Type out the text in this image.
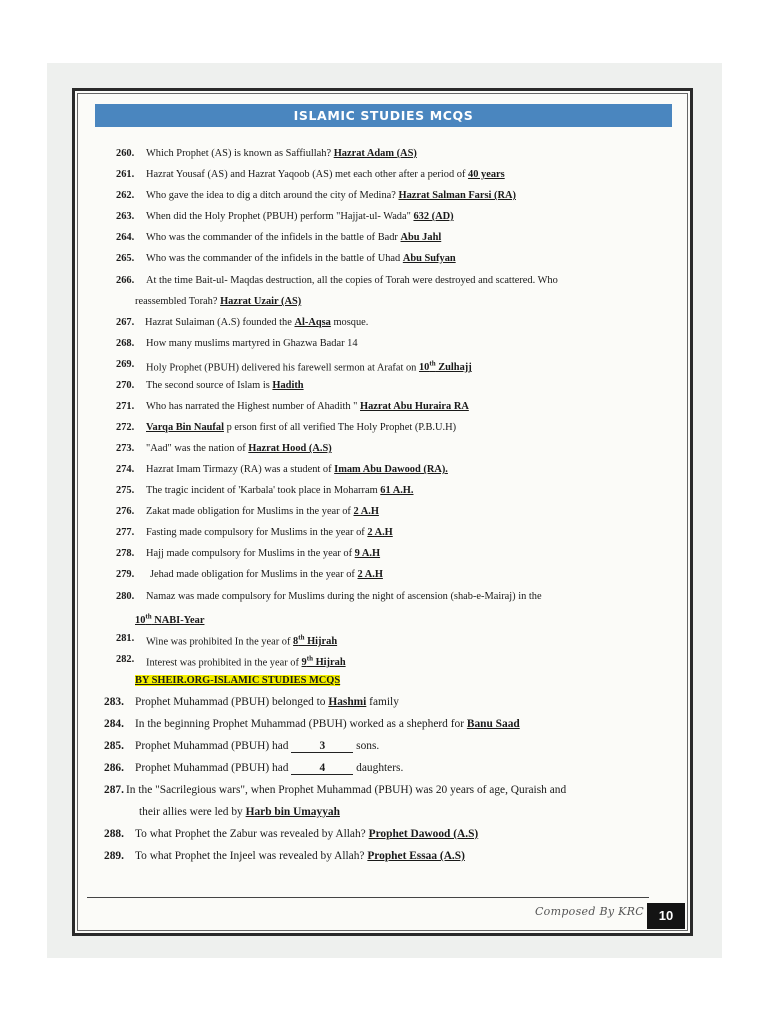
ISLAMIC STUDIES MCQS
260. Which Prophet (AS) is known as Saffiullah? Hazrat Adam (AS)
261. Hazrat Yousaf (AS) and Hazrat Yaqoob (AS) met each other after a period of 40 years
262. Who gave the idea to dig a ditch around the city of Medina? Hazrat Salman Farsi (RA)
263. When did the Holy Prophet (PBUH) perform "Hajjat-ul- Wada" 632 (AD)
264. Who was the commander of the infidels in the battle of Badr Abu Jahl
265. Who was the commander of the infidels in the battle of Uhad Abu Sufyan
266. At the time Bait-ul- Maqdas destruction, all the copies of Torah were destroyed and scattered. Who
reassembled Torah? Hazrat Uzair (AS)
267. Hazrat Sulaiman (A.S) founded the Al-Aqsa mosque.
268. How many muslims martyred in Ghazwa Badar 14
269. Holy Prophet (PBUH) delivered his farewell sermon at Arafat on 10th Zulhajj
270. The second source of Islam is Hadith
271. Who has narrated the Highest number of Ahadith " Hazrat Abu Huraira RA
272. Varqa Bin Naufal p erson first of all verified The Holy Prophet (P.B.U.H)
273. "Aad" was the nation of Hazrat Hood (A.S)
274. Hazrat Imam Tirmazy (RA) was a student of Imam Abu Dawood (RA).
275. The tragic incident of 'Karbala' took place in Moharram 61 A.H.
276. Zakat made obligation for Muslims in the year of 2 A.H
277. Fasting made compulsory for Muslims in the year of 2 A.H
278. Hajj made compulsory for Muslims in the year of 9 A.H
279. Jehad made obligation for Muslims in the year of 2 A.H
280. Namaz was made compulsory for Muslims during the night of ascension (shab-e-Mairaj) in the
10th NABI-Year
281. Wine was prohibited In the year of 8th Hijrah
282. Interest was prohibited in the year of 9th Hijrah
BY SHEIR.ORG-ISLAMIC STUDIES MCQS
283. Prophet Muhammad (PBUH) belonged to Hashmi family
284. In the beginning Prophet Muhammad (PBUH) worked as a shepherd for Banu Saad
285. Prophet Muhammad (PBUH) had	3	sons.
286. Prophet Muhammad (PBUH) had	4	daughters.
287. In the "Sacrilegious wars", when Prophet Muhammad (PBUH) was 20 years of age, Quraish and
their allies were led by Harb bin Umayyah
288. To what Prophet the Zabur was revealed by Allah? Prophet Dawood (A.S)
289. To what Prophet the Injeel was revealed by Allah? Prophet Essaa (A.S)
Composed By KRC	10
